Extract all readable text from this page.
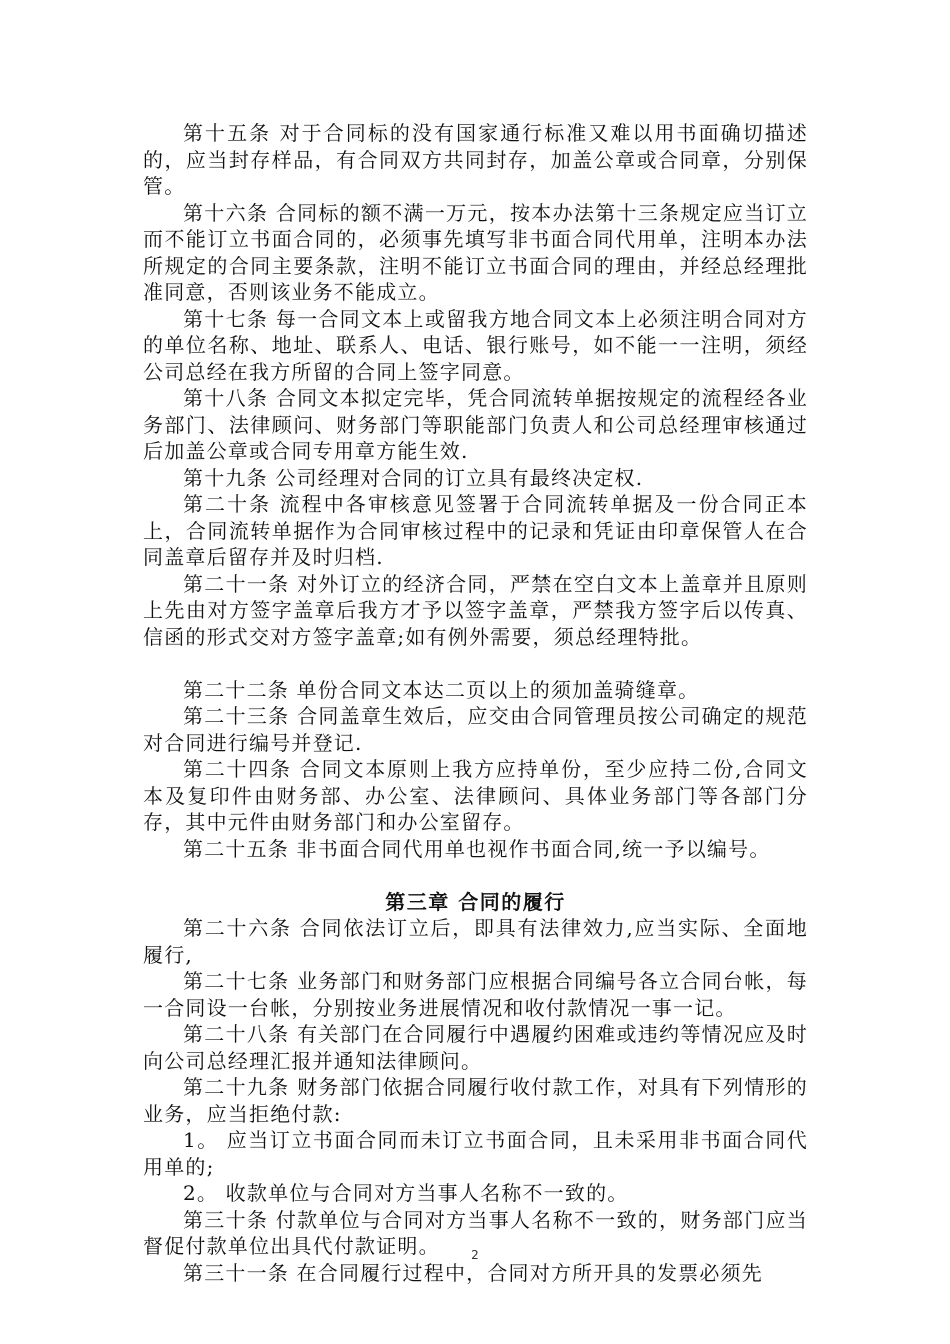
第十五条 对于合同标的没有国家通行标准又难以用书面确切描述的，应当封存样品，有合同双方共同封存，加盖公章或合同章，分别保管。

第十六条 合同标的额不满一万元，按本办法第十三条规定应当订立而不能订立书面合同的，必须事先填写非书面合同代用单，注明本办法所规定的合同主要条款，注明不能订立书面合同的理由，并经总经理批准同意，否则该业务不能成立。

第十七条 每一合同文本上或留我方地合同文本上必须注明合同对方的单位名称、地址、联系人、电话、银行账号，如不能一一注明，须经公司总经在我方所留的合同上签字同意。

第十八条 合同文本拟定完毕，凭合同流转单据按规定的流程经各业务部门、法律顾问、财务部门等职能部门负责人和公司总经理审核通过后加盖公章或合同专用章方能生效.

第十九条 公司经理对合同的订立具有最终决定权.

第二十条 流程中各审核意见签署于合同流转单据及一份合同正本上，合同流转单据作为合同审核过程中的记录和凭证由印章保管人在合同盖章后留存并及时归档.

第二十一条 对外订立的经济合同，严禁在空白文本上盖章并且原则上先由对方签字盖章后我方才予以签字盖章，严禁我方签字后以传真、信函的形式交对方签字盖章;如有例外需要，须总经理特批。

第二十二条 单份合同文本达二页以上的须加盖骑缝章。

第二十三条 合同盖章生效后，应交由合同管理员按公司确定的规范对合同进行编号并登记.

第二十四条 合同文本原则上我方应持单份，至少应持二份,合同文本及复印件由财务部、办公室、法律顾问、具体业务部门等各部门分存，其中元件由财务部门和办公室留存。

第二十五条 非书面合同代用单也视作书面合同,统一予以编号。

第三章 合同的履行

第二十六条 合同依法订立后，即具有法律效力,应当实际、全面地履行,

第二十七条 业务部门和财务部门应根据合同编号各立合同台帐，每一合同设一台帐，分别按业务进展情况和收付款情况一事一记。

第二十八条 有关部门在合同履行中遇履约困难或违约等情况应及时向公司总经理汇报并通知法律顾问。

第二十九条 财务部门依据合同履行收付款工作，对具有下列情形的业务，应当拒绝付款:

1。 应当订立书面合同而未订立书面合同，且未采用非书面合同代用单的;

2。 收款单位与合同对方当事人名称不一致的。

第三十条 付款单位与合同对方当事人名称不一致的，财务部门应当督促付款单位出具代付款证明。

第三十一条 在合同履行过程中，合同对方所开具的发票必须先

2
